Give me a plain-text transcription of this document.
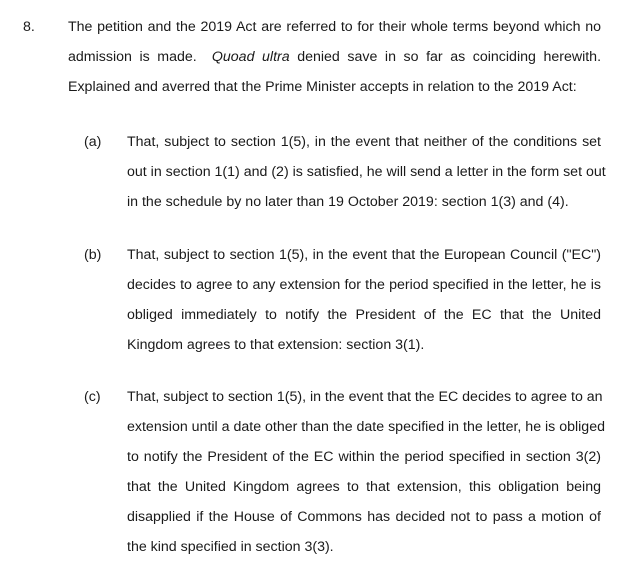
8. The petition and the 2019 Act are referred to for their whole terms beyond which no
admission is made. Quoad ultra denied save in so far as coinciding herewith.
Explained and averred that the Prime Minister accepts in relation to the 2019 Act:
(a) That, subject to section 1(5), in the event that neither of the conditions set
out in section 1(1) and (2) is satisfied, he will send a letter in the form set out
in the schedule by no later than 19 October 2019: section 1(3) and (4).
(b) That, subject to section 1(5), in the event that the European Council ("EC")
decides to agree to any extension for the period specified in the letter, he is
obliged immediately to notify the President of the EC that the United
Kingdom agrees to that extension: section 3(1).
(c) That, subject to section 1(5), in the event that the EC decides to agree to an
extension until a date other than the date specified in the letter, he is obliged
to notify the President of the EC within the period specified in section 3(2)
that the United Kingdom agrees to that extension, this obligation being
disapplied if the House of Commons has decided not to pass a motion of
the kind specified in section 3(3).
